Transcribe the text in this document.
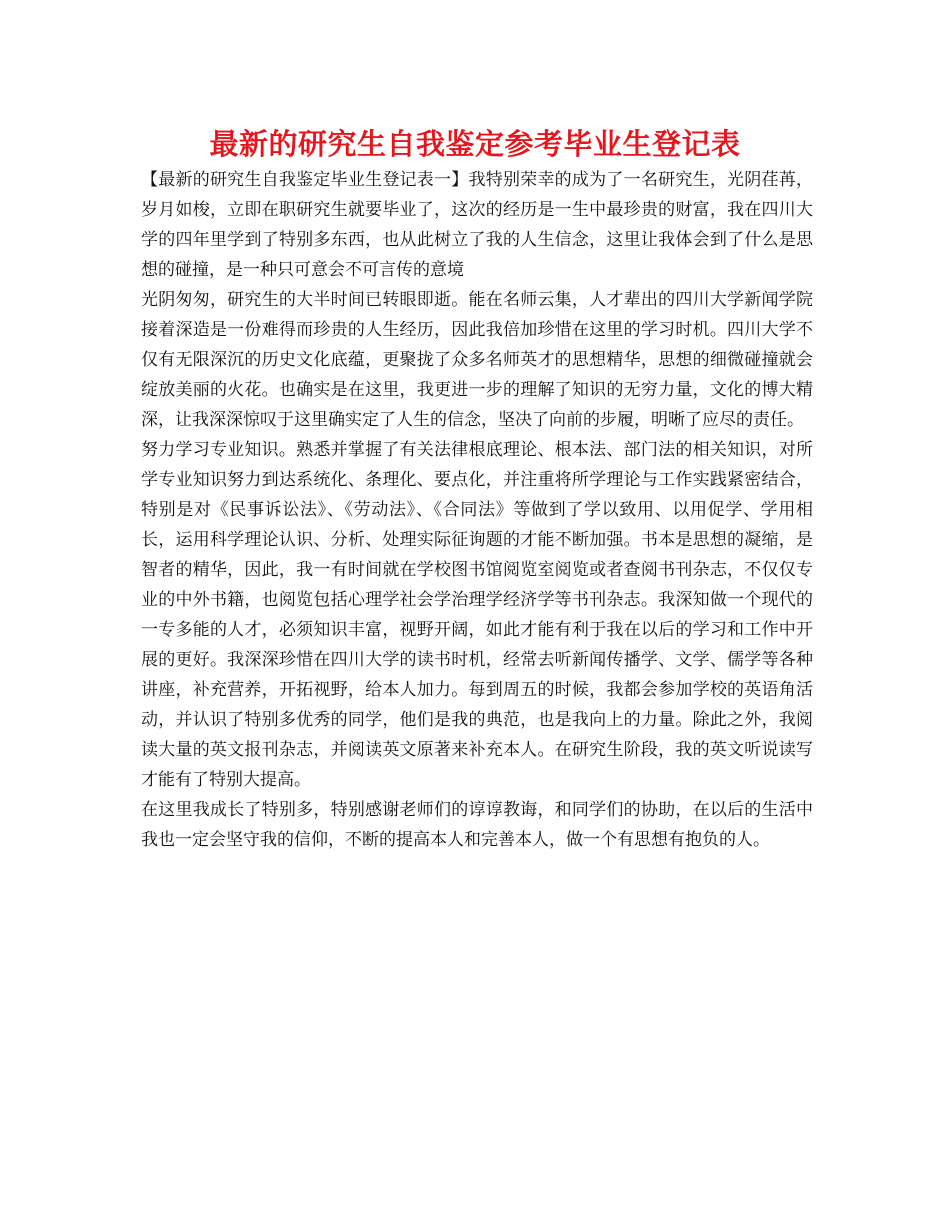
最新的研究生自我鉴定参考毕业生登记表

【最新的研究生自我鉴定毕业生登记表一】我特别荣幸的成为了一名研究生，光阴荏苒，岁月如梭，立即在职研究生就要毕业了，这次的经历是一生中最珍贵的财富，我在四川大学的四年里学到了特别多东西，也从此树立了我的人生信念，这里让我体会到了什么是思想的碰撞，是一种只可意会不可言传的意境

光阴匆匆，研究生的大半时间已转眼即逝。能在名师云集，人才辈出的四川大学新闻学院接着深造是一份难得而珍贵的人生经历，因此我倍加珍惜在这里的学习时机。四川大学不仅有无限深沉的历史文化底蕴，更聚拢了众多名师英才的思想精华，思想的细微碰撞就会绽放美丽的火花。也确实是在这里，我更进一步的理解了知识的无穷力量，文化的博大精深，让我深深惊叹于这里确实定了人生的信念，坚决了向前的步履，明晰了应尽的责任。

努力学习专业知识。熟悉并掌握了有关法律根底理论、根本法、部门法的相关知识，对所学专业知识努力到达系统化、条理化、要点化，并注重将所学理论与工作实践紧密结合，特别是对《民事诉讼法》、《劳动法》、《合同法》等做到了学以致用、以用促学、学用相长，运用科学理论认识、分析、处理实际征询题的才能不断加强。书本是思想的凝缩，是智者的精华，因此，我一有时间就在学校图书馆阅览室阅览或者查阅书刊杂志，不仅仅专业的中外书籍，也阅览包括心理学社会学治理学经济学等书刊杂志。我深知做一个现代的一专多能的人才，必须知识丰富，视野开阔，如此才能有利于我在以后的学习和工作中开展的更好。我深深珍惜在四川大学的读书时机，经常去听新闻传播学、文学、儒学等各种讲座，补充营养，开拓视野，给本人加力。每到周五的时候，我都会参加学校的英语角活动，并认识了特别多优秀的同学，他们是我的典范，也是我向上的力量。除此之外，我阅读大量的英文报刊杂志，并阅读英文原著来补充本人。在研究生阶段，我的英文听说读写才能有了特别大提高。

在这里我成长了特别多，特别感谢老师们的谆谆教诲，和同学们的协助，在以后的生活中我也一定会坚守我的信仰，不断的提高本人和完善本人，做一个有思想有抱负的人。
